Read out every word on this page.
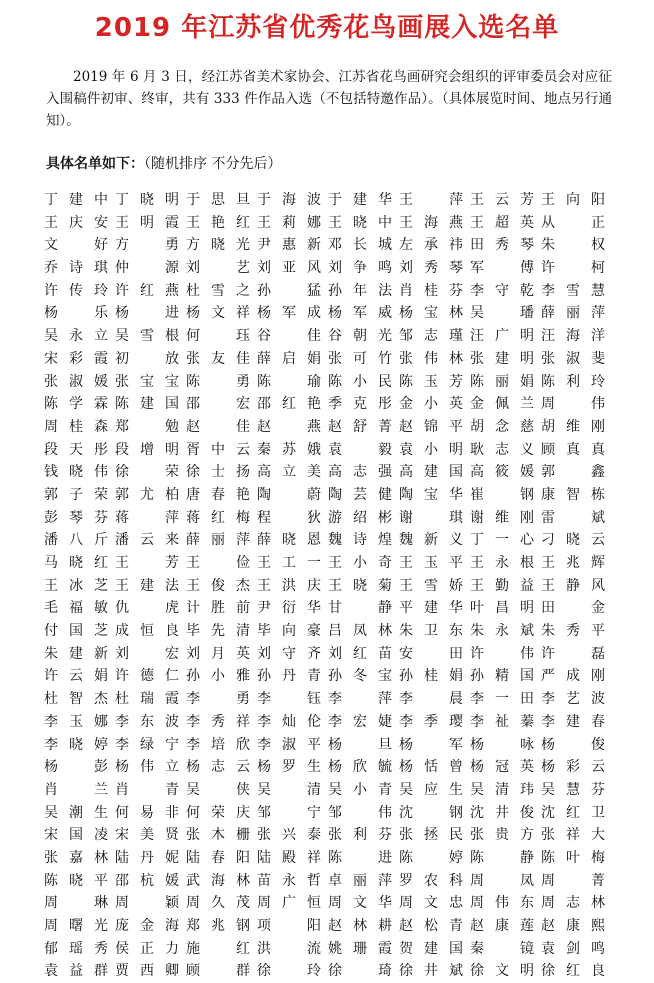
2019 年江苏省优秀花鸟画展入选名单
2019 年 6 月 3 日，经江苏省美术家协会、江苏省花鸟画研究会组织的评审委员会对应征入围稿件初审、终审，共有 333 件作品入选（不包括特邀作品）。（具体展览时间、地点另行通知）。
具体名单如下：（随机排序 不分先后）
丁建中 丁晓明 于思旦 于海波 于建华 王萍 王云芳 王向阳
王庆安 王明霞 王艳红 王莉娜 王晓中 王海燕 王超英 从正
文好 方勇 方晓光 尹惠新 邓长城 左承祎 田秀琴 朱权
乔诗琪 仲源 刘艺 刘亚风 刘争鸣 刘秀琴 军傅 许柯
许传玲 许红燕 杜雪之 孙猛 孙年法 肖桂芬 李守乾 李雪慧
杨乐 杨进 杨文祥 杨军成 杨军威 杨宝林 吴璠 薛丽萍
吴永立 吴雪根 何珏 谷佳 谷朝光 邹志瑾 汪广明 汪海洋
宋彩霞 初放 张友佳 薛启娟 张可竹 张伟林 张建明 张淑斐
张淑媛 张宝宝 陈勇 陈瑜 陈小民 陈玉芳 陈丽娟 陈利玲
陈学霖 陈建国 邵宏 邵红艳 季克彤 金小英 金佩兰 周伟
周桂森 郑勉 赵佳 赵燕 赵舒菁 赵锦平 胡念慈 胡维刚
段天彤 段增明 胥中云 秦苏娥 袁毅 袁小明 耿志义 顾真真
钱晓伟 徐荣 徐士扬 高立美 高志强 高建国 高筱媛 郭鑫
郭子荣 郭尤柏 唐春艳 陶蔚 陶芸健 陶宝华 崔钢 康智栋
彭琴芬 蒋萍 蒋红梅 程狄 游绍彬 谢琪 谢维刚 雷斌
潘八斤 潘云来 薛丽萍 薛晓恩 魏诗煌 魏新义 丁一心 刁晓云
马晓红 王芳 王俭 王工一 王小奇 王玉平 王永根 王兆辉
王冰芝 王建法 王俊杰 王洪庆 王晓菊 王雪娇 王勤益 王静风
毛福敏 仇虎 计胜前 尹衍华 甘静 平建华 叶昌明 田金
付国芝 成恒良 毕先清 毕向豪 吕凤林 朱卫东 朱永斌 朱秀平
朱建新 刘宏 刘月英 刘守齐 刘红苗 安田 许伟 许磊
许云娟 许德仁 孙小雅 孙丹青 孙冬宝 孙桂娟 孙精国 严成刚
杜智杰 杜瑞霞 李勇 李钰 李萍 李晨 李一田 李艺波
李玉娜 李东波 李秀祥 李灿伦 李宏婕 李季璎 李祉蓁 李建春
李晓婷 李绿宁 李培欣 李淑平 杨旦 杨军 杨咏 杨俊
杨彭 杨伟立 杨志云 杨罗生 杨欣毓 杨恬曾 杨冠英 杨彩云
肖兰 肖青 吴侠 吴清 吴小青 吴应生 吴清玮 吴慧芬
吴潮生 何易非 何荣庆 邹宁 邹伟 沈钢 沈井俊 沈红卫
宋国凌 宋美贤 张木栅 张兴泰 张利芬 张拯民 张贵方 张祥大
张嘉林 陆丹妮 陆春阳 陆殿祥 陈进 陈婷 陈静 陈叶梅
陈晓平 邵杭媛 武海林 苗永哲 卓丽萍 罗农科 周凤 周菁
周琳 周颖 周久茂 周广恒 周文华 周文忠 周伟东 周志林
周曙光 庞金海 郑兆钢 项阳 赵林耕 赵松青 赵康莲 赵康熙
郁瑶秀 侯正力 施红 洪流 姚珊霞 贺建国 秦镜 袁剑鸣
袁益群 贾西卿 顾群 徐玲 徐琦 徐井斌 徐文明 徐红良
